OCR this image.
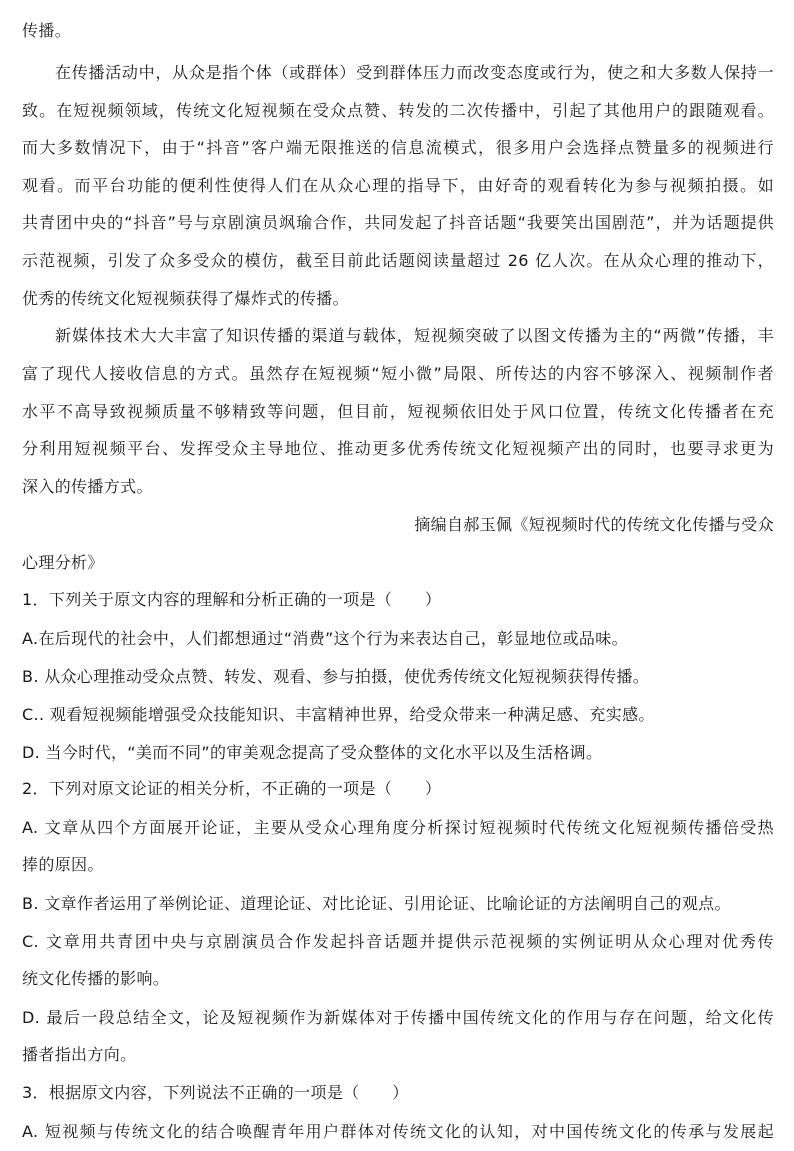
传播。
在传播活动中，从众是指个体（或群体）受到群体压力而改变态度或行为，使之和大多数人保持一
致。在短视频领域，传统文化短视频在受众点赞、转发的二次传播中，引起了其他用户的跟随观看。
而大多数情况下，由于“抖音”客户端无限推送的信息流模式，很多用户会选择点赞量多的视频进行
观看。而平台功能的便利性使得人们在从众心理的指导下，由好奇的观看转化为参与视频拍摄。如
共青团中央的“抖音”号与京剧演员飒瑜合作，共同发起了抖音话题“我要笑出国剧范”，并为话题提供
示范视频，引发了众多受众的模仿，截至目前此话题阅读量超过 26 亿人次。在从众心理的推动下，
优秀的传统文化短视频获得了爆炸式的传播。
新媒体技术大大丰富了知识传播的渠道与载体，短视频突破了以图文传播为主的“两微”传播，丰
富了现代人接收信息的方式。虽然存在短视频“短小微”局限、所传达的内容不够深入、视频制作者
水平不高导致视频质量不够精致等问题，但目前，短视频依旧处于风口位置，传统文化传播者在充
分利用短视频平台、发挥受众主导地位、推动更多优秀传统文化短视频产出的同时，也要寻求更为
深入的传播方式。
摘编自郝玉佩《短视频时代的传统文化传播与受众
心理分析》
1．下列关于原文内容的理解和分析正确的一项是（　　）
A.在后现代的社会中，人们都想通过“消费”这个行为来表达自己，彰显地位或品味。
B. 从众心理推动受众点赞、转发、观看、参与拍摄，使优秀传统文化短视频获得传播。
C.. 观看短视频能增强受众技能知识、丰富精神世界，给受众带来一种满足感、充实感。
D. 当今时代，“美而不同”的审美观念提高了受众整体的文化水平以及生活格调。
2．下列对原文论证的相关分析，不正确的一项是（　　）
A. 文章从四个方面展开论证，主要从受众心理角度分析探讨短视频时代传统文化短视频传播倍受热
捧的原因。
B. 文章作者运用了举例论证、道理论证、对比论证、引用论证、比喻论证的方法阐明自己的观点。
C. 文章用共青团中央与京剧演员合作发起抖音话题并提供示范视频的实例证明从众心理对优秀传
统文化传播的影响。
D. 最后一段总结全文，论及短视频作为新媒体对于传播中国传统文化的作用与存在问题，给文化传
播者指出方向。
3．根据原文内容，下列说法不正确的一项是（　　）
A. 短视频与传统文化的结合唤醒青年用户群体对传统文化的认知，对中国传统文化的传承与发展起
